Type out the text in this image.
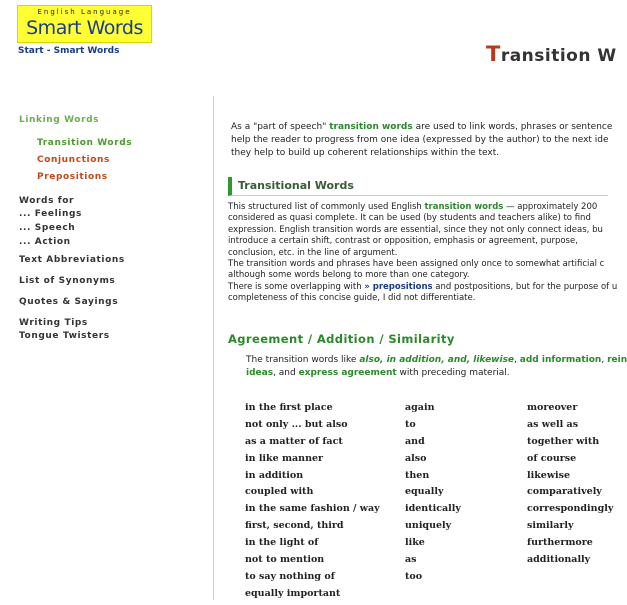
English Language
Smart Words
Start - Smart Words	Transition W
Linking Words
Transition Words
Conjunctions
Prepositions
Words for
... Feelings
... Speech
... Action
Text Abbreviations
List of Synonyms
Quotes & Sayings
Writing Tips
Tongue Twisters
As a "part of speech" transition words are used to link words, phrases or sentence
help the reader to progress from one idea (expressed by the author) to the next ide
they help to build up coherent relationships within the text.
Transitional Words

This structured list of commonly used English transition words — approximately 200

considered as quasi complete. It can be used (by students and teachers alike) to find

expression. English transition words are essential, since they not only connect ideas, bu

introduce a certain shift, contrast or opposition, emphasis or agreement, purpose,

conclusion, etc. in the line of argument.

The transition words and phrases have been assigned only once to somewhat artificial c

although some words belong to more than one category.

There is some overlapping with » prepositions and postpositions, but for the purpose of u

completeness of this concise guide, I did not differentiate.

Agreement / Addition / Similarity
The transition words like also, in addition, and, likewise, add information, rein
ideas, and express agreement with preceding material.
in the first place
not only ... but also
as a matter of fact
in like manner
in addition
coupled with
in the same fashion / way
first, second, third
in the light of
not to mention
to say nothing of
equally important
again
to
and
also
then
equally
identically
uniquely
like
as
too
moreover
as well as
together with
of course
likewise
comparatively
correspondingly
similarly
furthermore
additionally
